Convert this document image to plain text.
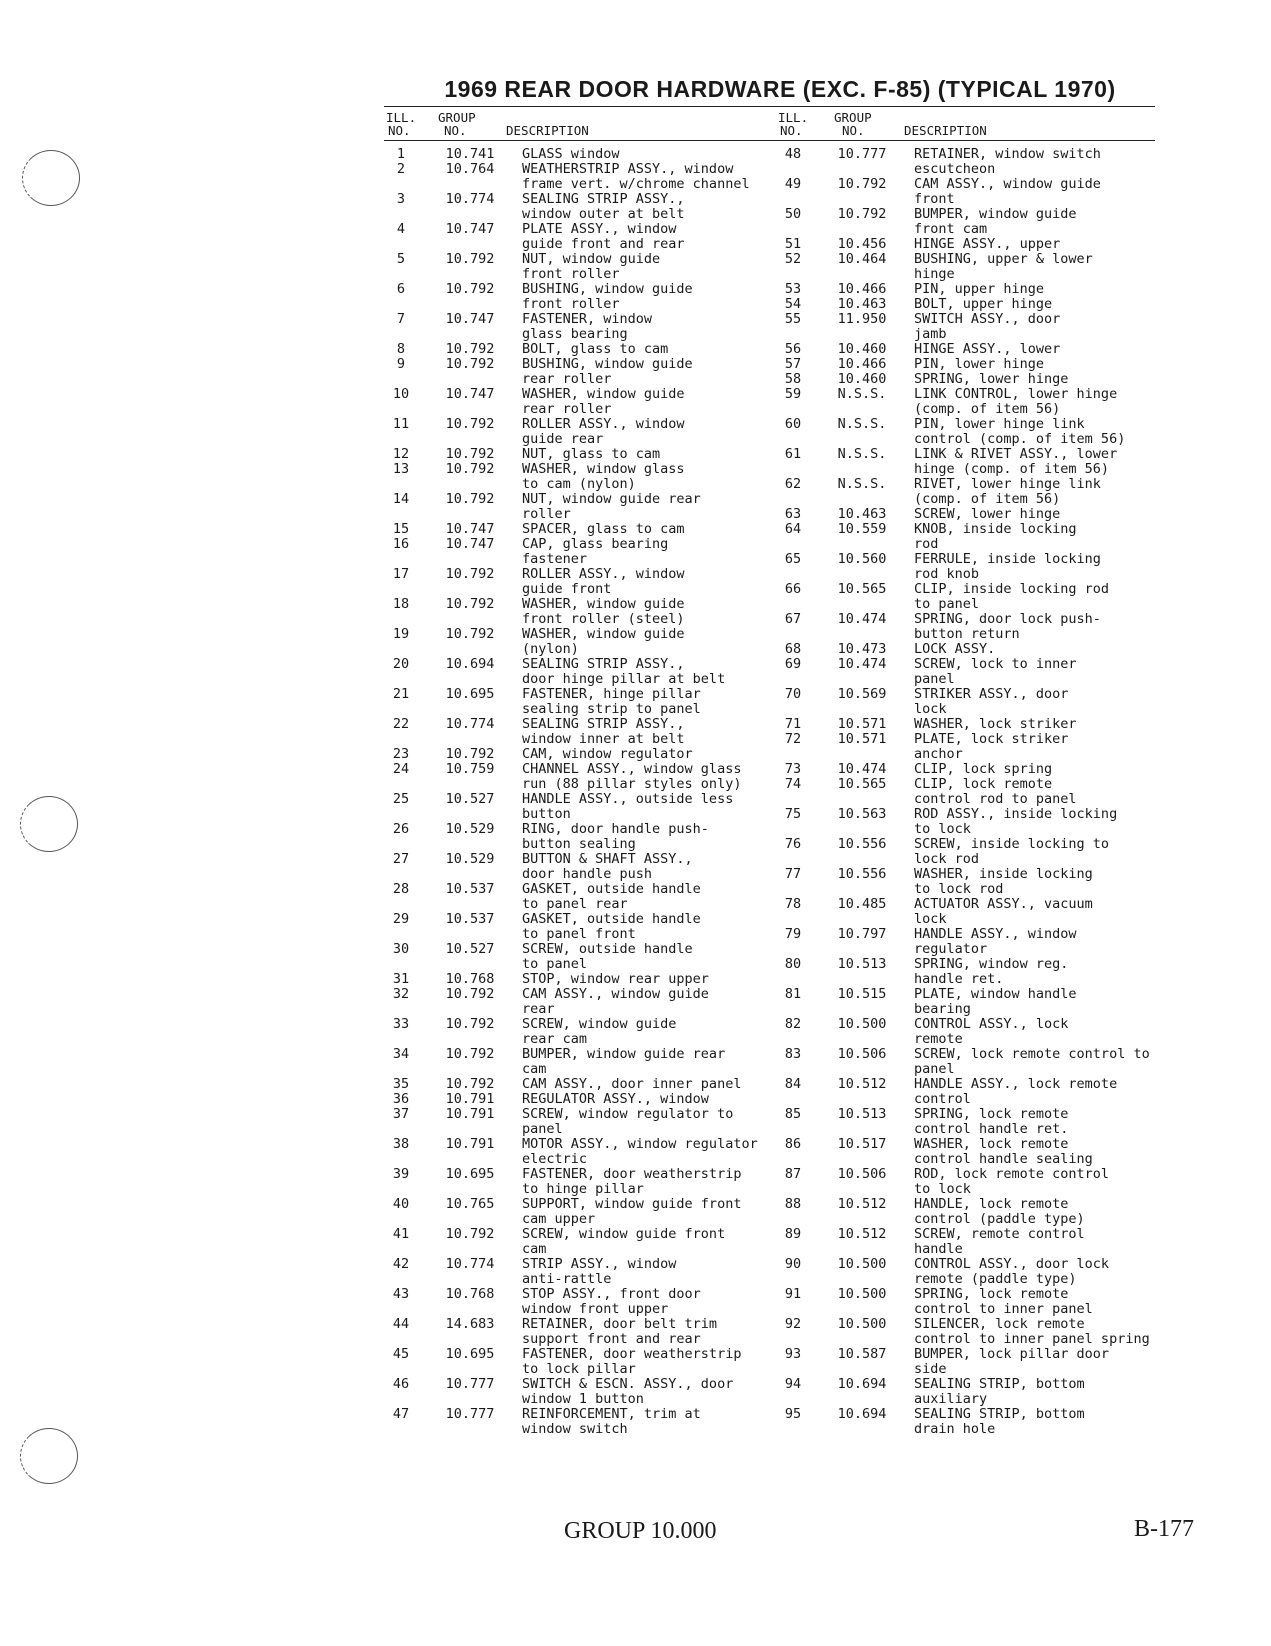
1969 REAR DOOR HARDWARE (EXC. F-85) (TYPICAL 1970)
ILL.
NO.
GROUP
NO.	DESCRIPTION
1	10.741	GLASS window
2	10.764	WEATHERSTRIP ASSY., window
frame vert. w/chrome channel
3	10.774	SEALING STRIP ASSY.,
window outer at belt
4	10.747	PLATE ASSY., window
guide front and rear
5	10.792	NUT, window guide
front roller
6	10.792	BUSHING, window guide
front roller
7	10.747	FASTENER, window
glass bearing
8	10.792	BOLT, glass to cam
9	10.792	BUSHING, window guide
rear roller
10	10.747	WASHER, window guide
rear roller
11	10.792	ROLLER ASSY., window
guide rear
12	10.792	NUT, glass to cam
13	10.792	WASHER, window glass
to cam (nylon)
14	10.792	NUT, window guide rear
roller
15	10.747	SPACER, glass to cam
16	10.747	CAP, glass bearing
fastener
17	10.792	ROLLER ASSY., window
guide front
18	10.792	WASHER, window guide
front roller (steel)
19	10.792	WASHER, window guide
(nylon)
20	10.694	SEALING STRIP ASSY.,
door hinge pillar at belt
21	10.695	FASTENER, hinge pillar
sealing strip to panel
22	10.774	SEALING STRIP ASSY.,
window inner at belt
23	10.792	CAM, window regulator
24	10.759	CHANNEL ASSY., window glass
run (88 pillar styles only)
25	10.527	HANDLE ASSY., outside less
button
26	10.529	RING, door handle push-
button sealing
27	10.529	BUTTON & SHAFT ASSY.,
door handle push
28	10.537	GASKET, outside handle
to panel rear
29	10.537	GASKET, outside handle
to panel front
30	10.527	SCREW, outside handle
to panel
31	10.768	STOP, window rear upper
32	10.792	CAM ASSY., window guide
rear
33	10.792	SCREW, window guide
rear cam
34	10.792	BUMPER, window guide rear
cam
35	10.792	CAM ASSY., door inner panel
36	10.791	REGULATOR ASSY., window
37	10.791	SCREW, window regulator to
panel
38	10.791	MOTOR ASSY., window regulator
electric
39	10.695	FASTENER, door weatherstrip
to hinge pillar
40	10.765	SUPPORT, window guide front
cam upper
41	10.792	SCREW, window guide front
cam
42	10.774	STRIP ASSY., window
anti-rattle
43	10.768	STOP ASSY., front door
window front upper
44	14.683	RETAINER, door belt trim
support front and rear
45	10.695	FASTENER, door weatherstrip
to lock pillar
46	10.777	SWITCH & ESCN. ASSY., door
window 1 button
47	10.777	REINFORCEMENT, trim at
window switch
ILL.
NO.
GROUP
NO.	DESCRIPTION
48	10.777	RETAINER, window switch
escutcheon
49	10.792	CAM ASSY., window guide
front
50	10.792	BUMPER, window guide
front cam
51	10.456	HINGE ASSY., upper
52	10.464	BUSHING, upper & lower
hinge
53	10.466	PIN, upper hinge
54	10.463	BOLT, upper hinge
55	11.950	SWITCH ASSY., door
jamb
56	10.460	HINGE ASSY., lower
57	10.466	PIN, lower hinge
58	10.460	SPRING, lower hinge
59	N.S.S.	LINK CONTROL, lower hinge
(comp. of item 56)
60	N.S.S.	PIN, lower hinge link
control (comp. of item 56)
61	N.S.S.	LINK & RIVET ASSY., lower
hinge (comp. of item 56)
62	N.S.S.	RIVET, lower hinge link
(comp. of item 56)
63	10.463	SCREW, lower hinge
64	10.559	KNOB, inside locking
rod
65	10.560	FERRULE, inside locking
rod knob
66	10.565	CLIP, inside locking rod
to panel
67	10.474	SPRING, door lock push-
button return
68	10.473	LOCK ASSY.
69	10.474	SCREW, lock to inner
panel
70	10.569	STRIKER ASSY., door
lock
71	10.571	WASHER, lock striker
72	10.571	PLATE, lock striker
anchor
73	10.474	CLIP, lock spring
74	10.565	CLIP, lock remote
control rod to panel
75	10.563	ROD ASSY., inside locking
to lock
76	10.556	SCREW, inside locking to
lock rod
77	10.556	WASHER, inside locking
to lock rod
78	10.485	ACTUATOR ASSY., vacuum
lock
79	10.797	HANDLE ASSY., window
regulator
80	10.513	SPRING, window reg.
handle ret.
81	10.515	PLATE, window handle
bearing
82	10.500	CONTROL ASSY., lock
remote
83	10.506	SCREW, lock remote control to
panel
84	10.512	HANDLE ASSY., lock remote
control
85	10.513	SPRING, lock remote
control handle ret.
86	10.517	WASHER, lock remote
control handle sealing
87	10.506	ROD, lock remote control
to lock
88	10.512	HANDLE, lock remote
control (paddle type)
89	10.512	SCREW, remote control
handle
90	10.500	CONTROL ASSY., door lock
remote (paddle type)
91	10.500	SPRING, lock remote
control to inner panel
92	10.500	SILENCER, lock remote
control to inner panel spring
93	10.587	BUMPER, lock pillar door
side
94	10.694	SEALING STRIP, bottom
auxiliary
95	10.694	SEALING STRIP, bottom
drain hole
GROUP 10.000	B-177
